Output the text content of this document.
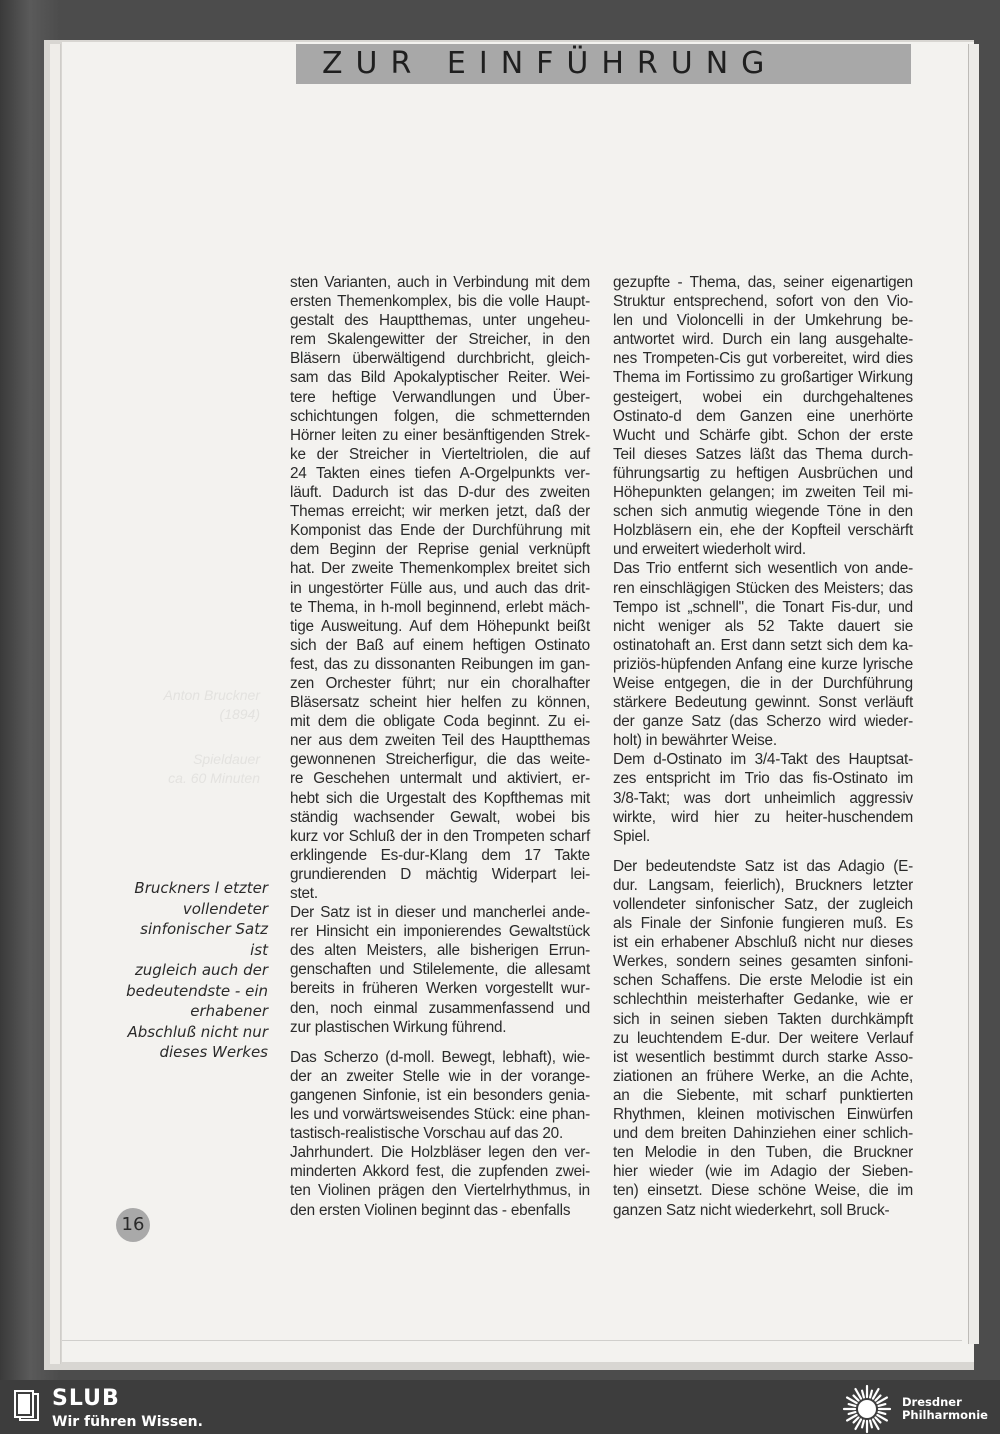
ZUR EINFÜHRUNG
Anton Bruckner
(1894)
Spieldauer
ca. 60 Minuten
sten Varianten, auch in Verbindung mit dem
ersten Themenkomplex, bis die volle Haupt-
gestalt des Hauptthemas, unter ungeheu-
rem Skalengewitter der Streicher, in den
Bläsern überwältigend durchbricht, gleich-
sam das Bild Apokalyptischer Reiter. Wei-
tere heftige Verwandlungen und Über-
schichtungen folgen, die schmetternden
Hörner leiten zu einer besänftigenden Strek-
ke der Streicher in Vierteltriolen, die auf
24 Takten eines tiefen A-Orgelpunkts ver-
läuft. Dadurch ist das D-dur des zweiten
Themas erreicht; wir merken jetzt, daß der
Komponist das Ende der Durchführung mit
dem Beginn der Reprise genial verknüpft
hat. Der zweite Themenkomplex breitet sich
in ungestörter Fülle aus, und auch das drit-
te Thema, in h-moll beginnend, erlebt mäch-
tige Ausweitung. Auf dem Höhepunkt beißt
sich der Baß auf einem heftigen Ostinato
fest, das zu dissonanten Reibungen im gan-
zen Orchester führt; nur ein choralhafter
Bläsersatz scheint hier helfen zu können,
mit dem die obligate Coda beginnt. Zu ei-
ner aus dem zweiten Teil des Hauptthemas
gewonnenen Streicherfigur, die das weite-
re Geschehen untermalt und aktiviert, er-
hebt sich die Urgestalt des Kopfthemas mit
ständig wachsender Gewalt, wobei bis
kurz vor Schluß der in den Trompeten scharf
erklingende Es-dur-Klang dem 17 Takte
grundierenden D mächtig Widerpart lei-
stet.
Der Satz ist in dieser und mancherlei ande-
rer Hinsicht ein imponierendes Gewaltstück
des alten Meisters, alle bisherigen Errun-
genschaften und Stilelemente, die allesamt
bereits in früheren Werken vorgestellt wur-
den, noch einmal zusammenfassend und
zur plastischen Wirkung führend.
Das Scherzo (d-moll. Bewegt, lebhaft), wie-
der an zweiter Stelle wie in der vorange-
gangenen Sinfonie, ist ein besonders genia-
les und vorwärtsweisendes Stück: eine phan-
tastisch-realistische Vorschau auf das 20.
Jahrhundert. Die Holzbläser legen den ver-
minderten Akkord fest, die zupfenden zwei-
ten Violinen prägen den Viertelrhythmus, in
den ersten Violinen beginnt das - ebenfalls
gezupfte - Thema, das, seiner eigenartigen
Struktur entsprechend, sofort von den Vio-
len und Violoncelli in der Umkehrung be-
antwortet wird. Durch ein lang ausgehalte-
nes Trompeten-Cis gut vorbereitet, wird dies
Thema im Fortissimo zu großartiger Wirkung
gesteigert, wobei ein durchgehaltenes
Ostinato-d dem Ganzen eine unerhörte
Wucht und Schärfe gibt. Schon der erste
Teil dieses Satzes läßt das Thema durch-
führungsartig zu heftigen Ausbrüchen und
Höhepunkten gelangen; im zweiten Teil mi-
schen sich anmutig wiegende Töne in den
Holzbläsern ein, ehe der Kopfteil verschärft
und erweitert wiederholt wird.
Das Trio entfernt sich wesentlich von ande-
ren einschlägigen Stücken des Meisters; das
Tempo ist „schnell", die Tonart Fis-dur, und
nicht weniger als 52 Takte dauert sie
ostinatohaft an. Erst dann setzt sich dem ka-
priziös-hüpfenden Anfang eine kurze lyrische
Weise entgegen, die in der Durchführung
stärkere Bedeutung gewinnt. Sonst verläuft
der ganze Satz (das Scherzo wird wieder-
holt) in bewährter Weise.
Dem d-Ostinato im 3/4-Takt des Hauptsat-
zes entspricht im Trio das fis-Ostinato im
3/8-Takt; was dort unheimlich aggressiv
wirkte, wird hier zu heiter-huschendem
Spiel.
Der bedeutendste Satz ist das Adagio (E-
dur. Langsam, feierlich), Bruckners letzter
vollendeter sinfonischer Satz, der zugleich
als Finale der Sinfonie fungieren muß. Es
ist ein erhabener Abschluß nicht nur dieses
Werkes, sondern seines gesamten sinfoni-
schen Schaffens. Die erste Melodie ist ein
schlechthin meisterhafter Gedanke, wie er
sich in seinen sieben Takten durchkämpft
zu leuchtendem E-dur. Der weitere Verlauf
ist wesentlich bestimmt durch starke Asso-
ziationen an frühere Werke, an die Achte,
an die Siebente, mit scharf punktierten
Rhythmen, kleinen motivischen Einwürfen
und dem breiten Dahinziehen einer schlich-
ten Melodie in den Tuben, die Bruckner
hier wieder (wie im Adagio der Sieben-
ten) einsetzt. Diese schöne Weise, die im
ganzen Satz nicht wiederkehrt, soll Bruck-
Bruckners l etzter
vollendeter
sinfonischer Satz ist
zugleich auch der
bedeutendste - ein
erhabener
Abschluß nicht nur
dieses Werkes
16
SLUB
Wir führen Wissen.
Dresdner
Philharmonie
